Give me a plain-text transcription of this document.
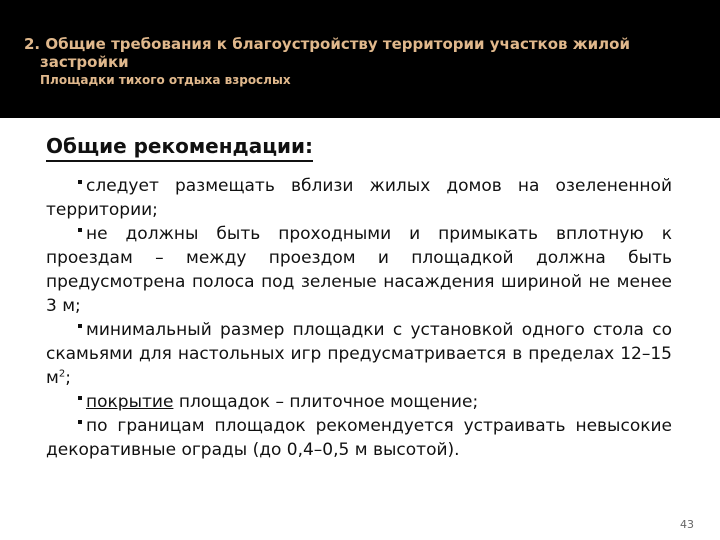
2. Общие требования к благоустройству территории участков жилой

застройки
Площадки тихого отдыха взрослых
Общие рекомендации:
следует размещать вблизи жилых домов на озелененной территории;
не должны быть проходными и примыкать вплотную к проездам – между проездом и площадкой должна быть предусмотрена полоса под зеленые насаждения шириной не менее 3 м;
минимальный размер площадки с установкой одного стола со скамьями для настольных игр предусматривается в пределах 12–15 $м^2$;
покрытие площадок – плиточное мощение;
по границам площадок рекомендуется устраивать невысокие декоративные ограды (до 0,4–0,5 м высотой).
43
